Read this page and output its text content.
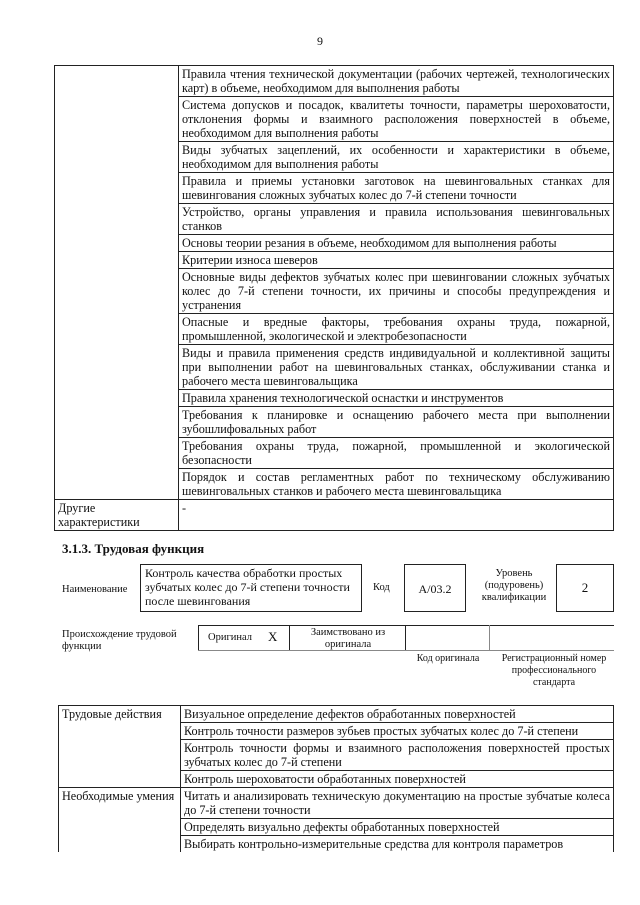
9
	Правила чтения технической документации (рабочих чертежей, технологических карт) в объеме, необходимом для выполнения работы
	Система допусков и посадок, квалитеты точности, параметры шероховатости, отклонения формы и взаимного расположения поверхностей в объеме, необходимом для выполнения работы
	Виды зубчатых зацеплений, их особенности и характеристики в объеме, необходимом для выполнения работы
	Правила и приемы установки заготовок на шевинговальных станках для шевингования сложных зубчатых колес до 7-й степени точности
	Устройство, органы управления и правила использования шевинговальных станков
	Основы теории резания в объеме, необходимом для выполнения работы
	Критерии износа шеверов
	Основные виды дефектов зубчатых колес при шевинговании сложных зубчатых колес до 7-й степени точности, их причины и способы предупреждения и устранения
	Опасные и вредные факторы, требования охраны труда, пожарной, промышленной, экологической и электробезопасности
	Виды и правила применения средств индивидуальной и коллективной защиты при выполнении работ на шевинговальных станках, обслуживании станка и рабочего места шевинговальщика
	Правила хранения технологической оснастки и инструментов
	Требования к планировке и оснащению рабочего места при выполнении зубошлифовальных работ
	Требования охраны труда, пожарной, промышленной и экологической безопасности
	Порядок и состав регламентных работ по техническому обслуживанию шевинговальных станков и рабочего места шевинговальщика
Другие характеристики	-
3.1.3. Трудовая функция
Наименование
Контроль качества обработки простых зубчатых колес до 7-й степени точности после шевингования
Код	A/03.2
Уровень (подуровень) квалификации
2
Происхождение трудовой функции
Оригинал X	Заимствовано из оригинала
Код оригинала	Регистрационный номер профессионального стандарта
Трудовые действия	Визуальное определение дефектов обработанных поверхностей
	Контроль точности размеров зубьев простых зубчатых колес до 7-й степени
	Контроль точности формы и взаимного расположения поверхностей простых зубчатых колес до 7-й степени
	Контроль шероховатости обработанных поверхностей
Необходимые умения	Читать и анализировать техническую документацию на простые зубчатые колеса до 7-й степени точности
	Определять визуально дефекты обработанных поверхностей
	Выбирать контрольно-измерительные средства для контроля параметров
